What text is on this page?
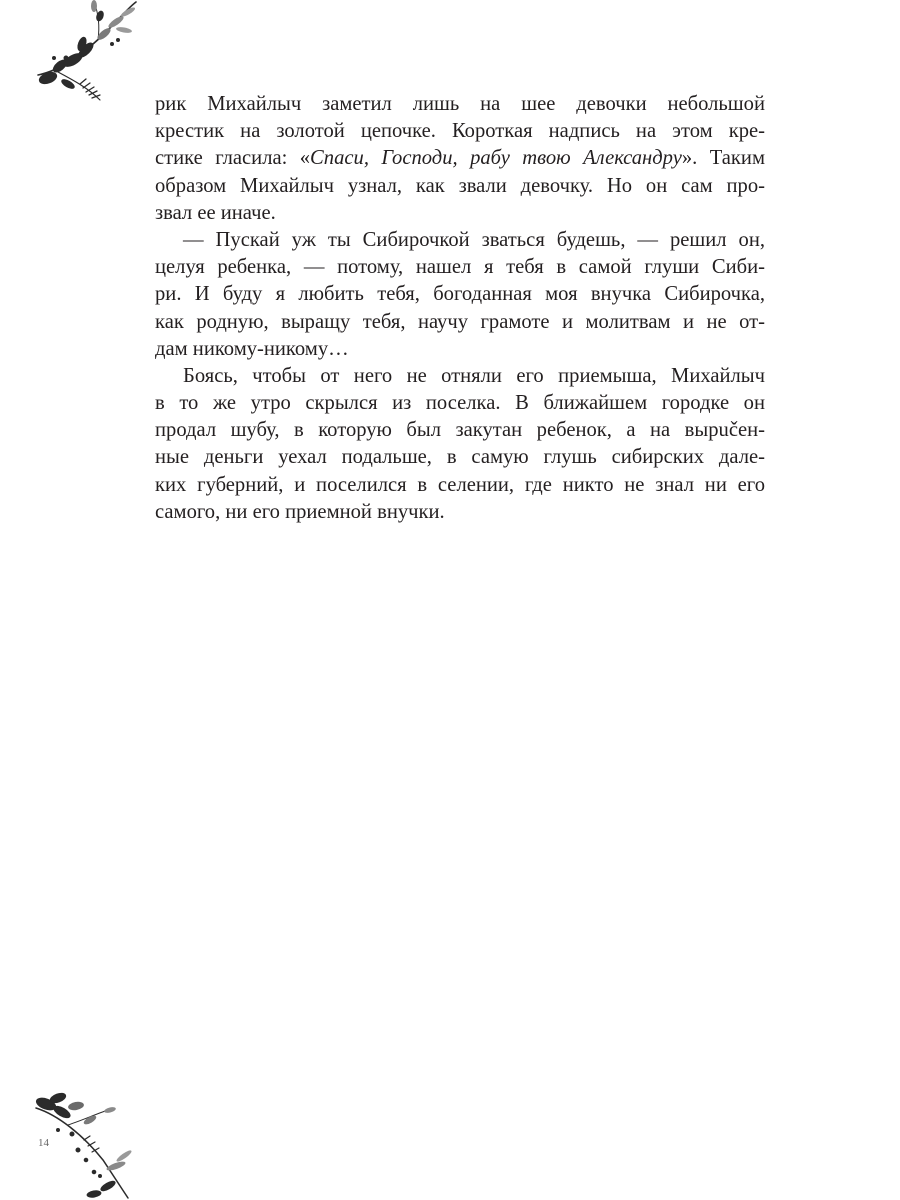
рик Михайлыч заметил лишь на шее девочки небольшой
крестик на золотой цепочке. Короткая надпись на этом кре-
стике гласила: «Спаси, Господи, рабу твою Александру». Таким
образом Михайлыч узнал, как звали девочку. Но он сам про-
звал ее иначе.
— Пускай уж ты Сибирочкой зваться будешь, — решил он,
целуя ребенка, — потому, нашел я тебя в самой глуши Сиби-
ри. И буду я любить тебя, богоданная моя внучка Сибирочка,
как родную, выращу тебя, научу грамоте и молитвам и не от-
дам никому-никому…
Боясь, чтобы от него не отняли его приемыша, Михайлыч
в то же утро скрылся из поселка. В ближайшем городке он
продал шубу, в которую был закутан ребенок, а на вырučен-
ные деньги уехал подальше, в самую глушь сибирских далe-
ких губерний, и поселился в селении, где никто не знал ни его
самого, ни его приемной внучки.
14
